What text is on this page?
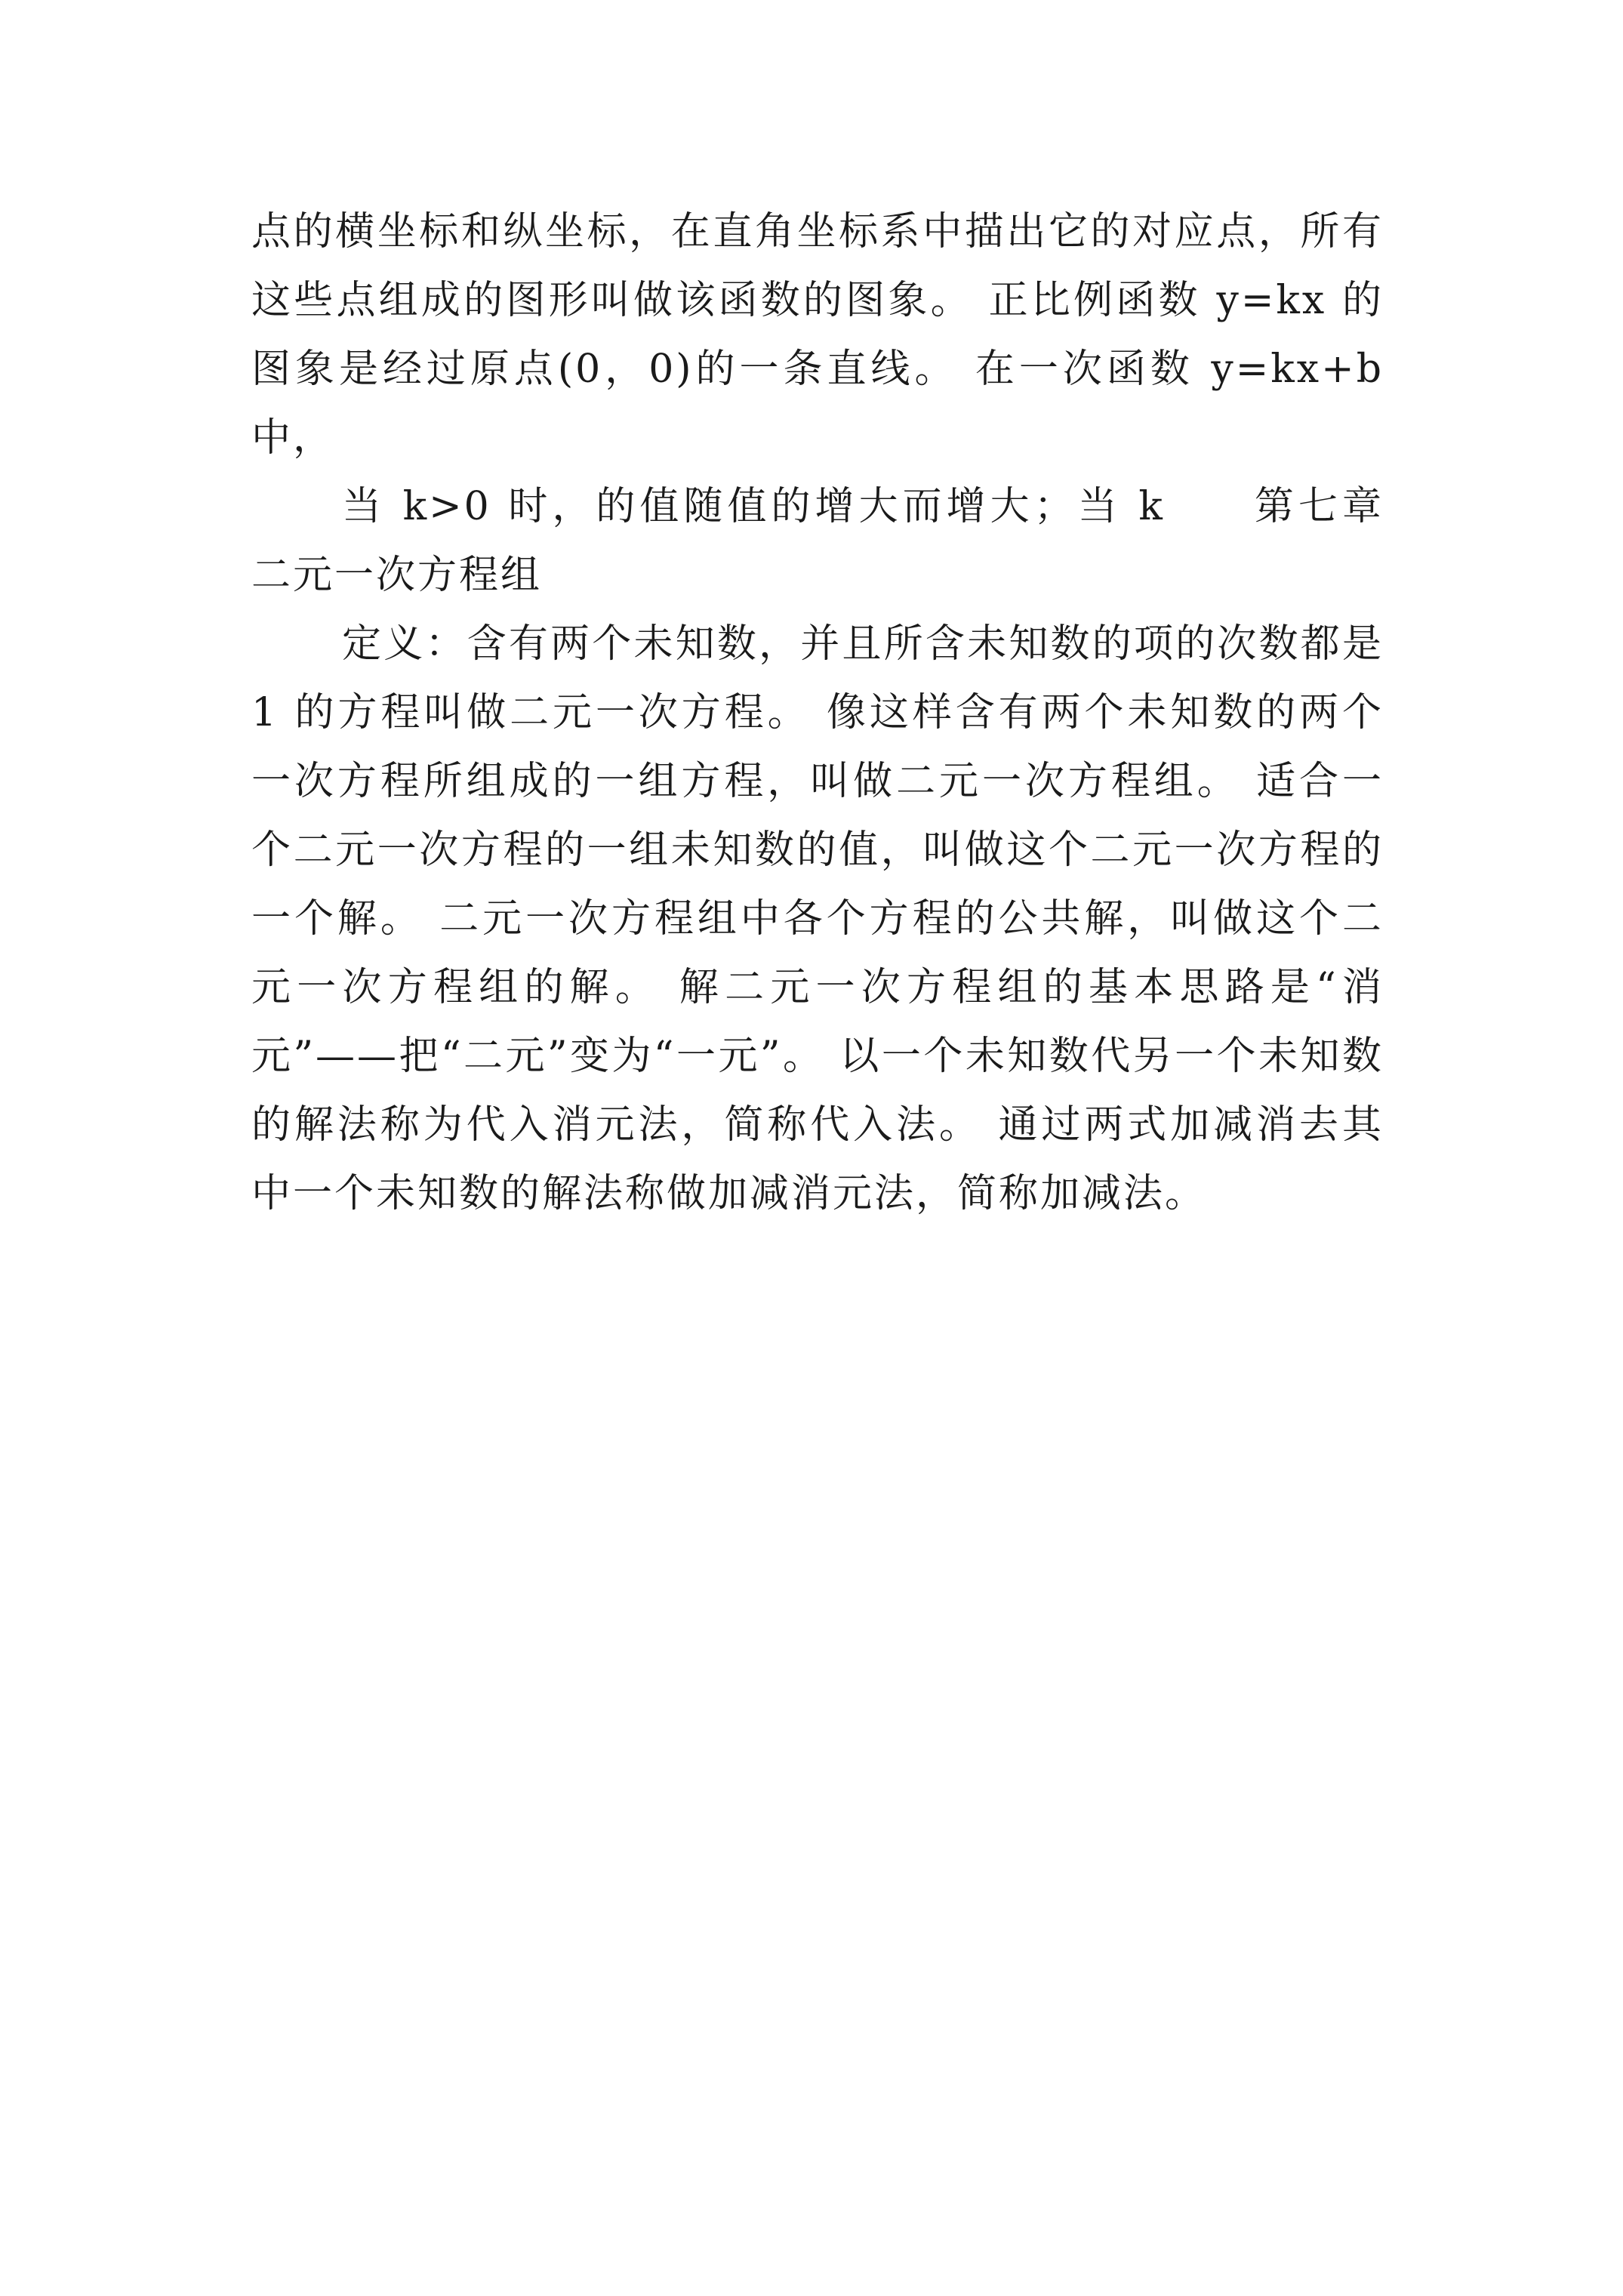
点的横坐标和纵坐标，在直角坐标系中描出它的对应点，所有这些点组成的图形叫做该函数的图象。 正比例函数 y=kx 的图象是经过原点(0，0)的一条直线。 在一次函数 y=kx+b 中，

当 k>0 时，的值随值的增大而增大；当 k　　第七章 二元一次方程组

定义：含有两个未知数，并且所含未知数的项的次数都是 1 的方程叫做二元一次方程。 像这样含有两个未知数的两个一次方程所组成的一组方程，叫做二元一次方程组。 适合一个二元一次方程的一组未知数的值，叫做这个二元一次方程的一个解。 二元一次方程组中各个方程的公共解，叫做这个二元一次方程组的解。 解二元一次方程组的基本思路是“消元”——把“二元”变为“一元”。 以一个未知数代另一个未知数的解法称为代入消元法，简称代入法。 通过两式加减消去其中一个未知数的解法称做加减消元法，简称加减法。
